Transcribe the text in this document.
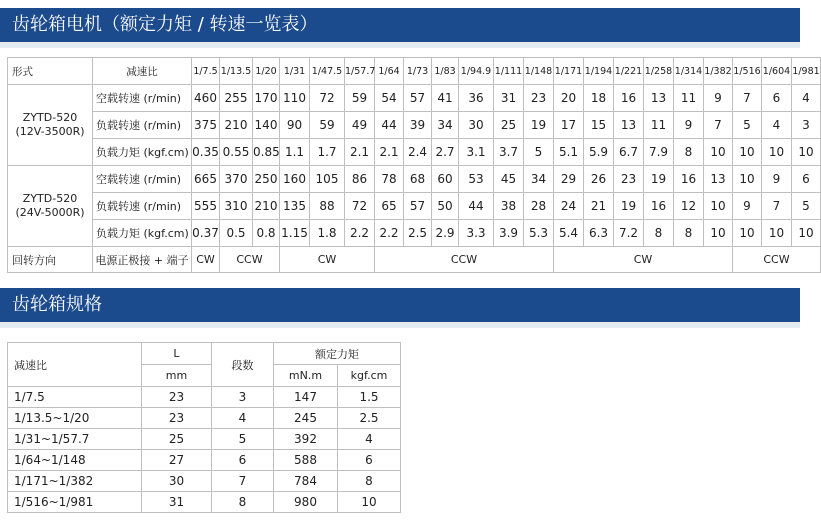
齿轮箱电机（额定力矩 / 转速一览表）
形式	减速比	1/7.5	1/13.5	1/20	1/31	1/47.5	1/57.7	1/64	1/73	1/83	1/94.9	1/111	1/148	1/171	1/194	1/221	1/258	1/314	1/382	1/516	1/604	1/981

ZYTD-520
(12V-3500R)	空载转速 (r/min)	460	255	170	110	72	59	54	57	41	36	31	23	20	18	16	13	11	9	7	6	4
	负载转速 (r/min)	375	210	140	90	59	49	44	39	34	30	25	19	17	15	13	11	9	7	5	4	3
	负载力矩 (kgf.cm)	0.35	0.55	0.85	1.1	1.7	2.1	2.1	2.4	2.7	3.1	3.7	5	5.1	5.9	6.7	7.9	8	10	10	10	10

ZYTD-520
(24V-5000R)	空载转速 (r/min)	665	370	250	160	105	86	78	68	60	53	45	34	29	26	23	19	16	13	10	9	6
	负载转速 (r/min)	555	310	210	135	88	72	65	57	50	44	38	28	24	21	19	16	12	10	9	7	5
	负载力矩 (kgf.cm)	0.37	0.5	0.8	1.15	1.8	2.2	2.2	2.5	2.9	3.3	3.9	5.3	5.4	6.3	7.2	8	8	10	10	10	10
回转方向	电源正极接 + 端子	CW	CCW		CW			CCW						CW						CCW		
齿轮箱规格
减速比	L	段数	额定力矩	
	mm		mN.m	kgf.cm
1/7.5	23	3	147	1.5
1/13.5~1/20	23	4	245	2.5
1/31~1/57.7	25	5	392	4
1/64~1/148	27	6	588	6
1/171~1/382	30	7	784	8
1/516~1/981	31	8	980	10
